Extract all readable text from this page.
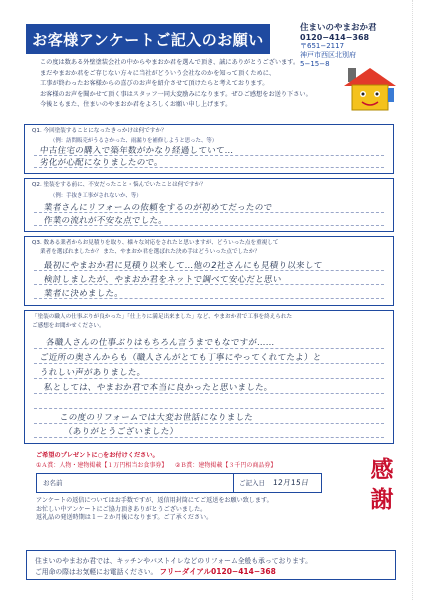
お客様アンケートご記入のお願い
住まいのやまおか君
0120−414−368
〒651−2117
神戸市西区北別府
5−15−8
この度は数ある外壁塗装会社の中からやまおか君を選んで頂き、誠にありがとうございます。
まだやまおか君をご存じない方々に当社がどういう会社なのかを知って頂くために、
工事が終わったお客様からの喜びのお声を紹介させて頂けたらと考えております。
お客様のお声を聞かせて頂く事はスタッフ一同大変励みになります。ぜひご感想をお送り下さい。
今後ともまた、住まいのやまおか君をよろしくお願い申し上げます。
Q1. 今回塗装することになったきっかけは何ですか？
（例：訪問販売がうるさかった、雨漏りを補修しようと思った、等）
中古住宅の購入で築年数がかなり経過していて…
劣化が心配になりましたので。
Q2. 塗装をする前に、不安だったこと・悩んでいたことは何ですか？
（例：手抜き工事がされないか、等）
業者さんにリフォームの依頼をするのが初めてだったので
作業の流れが不安な点でした。
Q3. 数ある業者からお見積りを取り、様々な対応をされたと思いますが、どういった点を重視して
業者を選ばれましたか？ また、やまおか君を選ばれた決め手はどういった点でしたか？
最初にやまおか君に見積り以来して…他の2社さんにも見積り以来して
検討しましたが、やまおか君をネットで調べて安心だと思い
業者に決めました。
「塗装の職人の仕事ぶりが良かった」「仕上りに満足出来ました」など、やまおか君で工事を終えられた
ご感想をお聞かせください。
各職人さんの仕事ぶりはもちろん言うまでもなですが……
ご近所の奥さんからも（職人さんがとても丁寧にやってくれてたよ）と
うれしい声がありました。
私としては、やまおか君で本当に良かったと思いました。
この度のリフォームでは大変お世話になりました
（ありがとうございました）
ご希望のプレゼントに○をお付けください。
①Ａ賞：人物・建物掲載【１万円相当お食事券】 ②Ｂ賞：建物掲載【３千円の商品券】
お名前	ご記入日 12月15日
アンケートの返信についてはお手数ですが、返信用封筒にてご返送をお願い致します。
お忙しい中アンケートにご協力頂きありがとうございました。
返礼品の発送時期は１～２か月後になります。ご了承ください。
感
謝
住まいのやまおか君では、キッチンやバストイレなどのリフォーム全般も承っております。
ご用命の際はお気軽にお電話ください。 フリーダイアル0120−414−368
